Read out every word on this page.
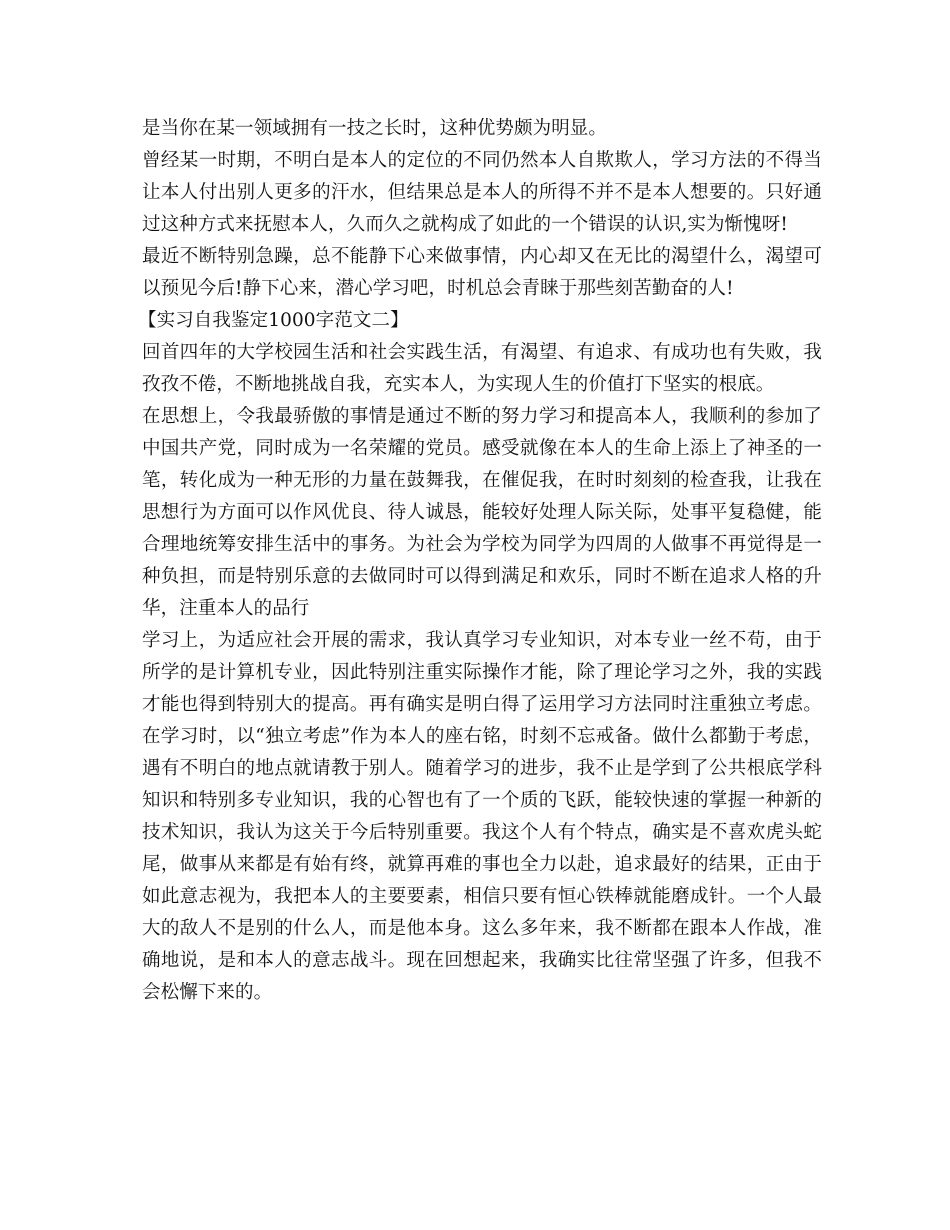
是当你在某一领域拥有一技之长时，这种优势颇为明显。

曾经某一时期，不明白是本人的定位的不同仍然本人自欺欺人，学习方法的不得当让本人付出别人更多的汗水，但结果总是本人的所得不并不是本人想要的。只好通过这种方式来抚慰本人，久而久之就构成了如此的一个错误的认识,实为惭愧呀!

最近不断特别急躁，总不能静下心来做事情，内心却又在无比的渴望什么，渴望可以预见今后!静下心来，潜心学习吧，时机总会青睐于那些刻苦勤奋的人!

【实习自我鉴定1000字范文二】

回首四年的大学校园生活和社会实践生活，有渴望、有追求、有成功也有失败，我孜孜不倦，不断地挑战自我，充实本人，为实现人生的价值打下坚实的根底。

在思想上，令我最骄傲的事情是通过不断的努力学习和提高本人，我顺利的参加了中国共产党，同时成为一名荣耀的党员。感受就像在本人的生命上添上了神圣的一笔，转化成为一种无形的力量在鼓舞我，在催促我，在时时刻刻的检查我，让我在思想行为方面可以作风优良、待人诚恳，能较好处理人际关际，处事平复稳健，能合理地统筹安排生活中的事务。为社会为学校为同学为四周的人做事不再觉得是一种负担，而是特别乐意的去做同时可以得到满足和欢乐，同时不断在追求人格的升华，注重本人的品行

学习上，为适应社会开展的需求，我认真学习专业知识，对本专业一丝不苟，由于所学的是计算机专业，因此特别注重实际操作才能，除了理论学习之外，我的实践才能也得到特别大的提高。再有确实是明白得了运用学习方法同时注重独立考虑。在学习时，以“独立考虑”作为本人的座右铭，时刻不忘戒备。做什么都勤于考虑，遇有不明白的地点就请教于别人。随着学习的进步，我不止是学到了公共根底学科知识和特别多专业知识，我的心智也有了一个质的飞跃，能较快速的掌握一种新的技术知识，我认为这关于今后特别重要。我这个人有个特点，确实是不喜欢虎头蛇尾，做事从来都是有始有终，就算再难的事也全力以赴，追求最好的结果，正由于如此意志视为，我把本人的主要要素，相信只要有恒心铁棒就能磨成针。一个人最大的敌人不是别的什么人，而是他本身。这么多年来，我不断都在跟本人作战，准确地说，是和本人的意志战斗。现在回想起来，我确实比往常坚强了许多，但我不会松懈下来的。
